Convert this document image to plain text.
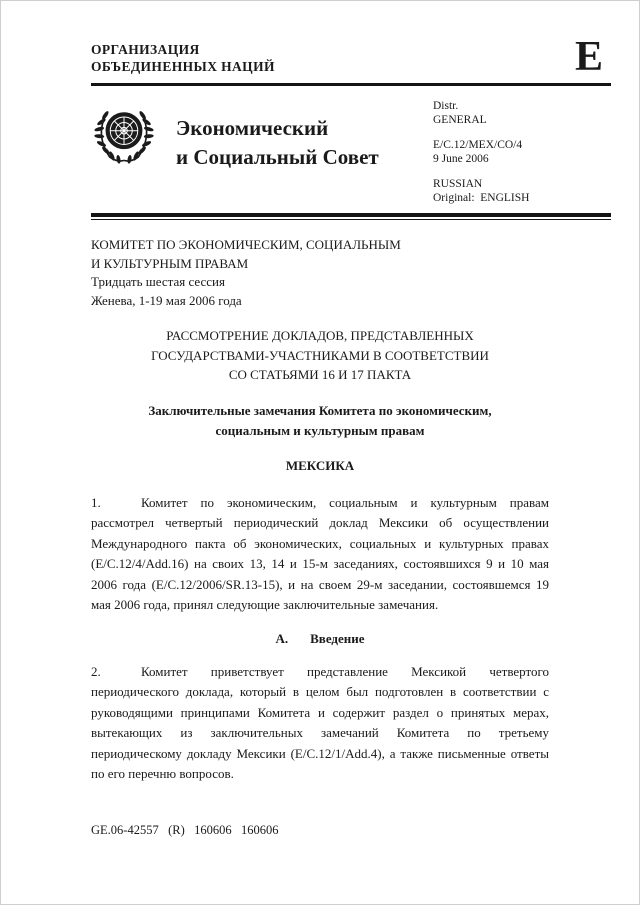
ОРГАНИЗАЦИЯ
ОБЪЕДИНЕННЫХ НАЦИЙ	E
Экономический
и Социальный Совет
Distr.
GENERAL
E/C.12/MEX/CO/4
9 June 2006
RUSSIAN
Original:  ENGLISH
КОМИТЕТ ПО ЭКОНОМИЧЕСКИМ, СОЦИАЛЬНЫМ
И КУЛЬТУРНЫМ ПРАВАМ
Тридцать шестая сессия
Женева, 1-19 мая 2006 года
РАССМОТРЕНИЕ ДОКЛАДОВ, ПРЕДСТАВЛЕННЫХ
ГОСУДАРСТВАМИ-УЧАСТНИКАМИ В СООТВЕТСТВИИ
СО СТАТЬЯМИ 16 И 17 ПАКТА
Заключительные замечания Комитета по экономическим,
социальным и культурным правам
МЕКСИКА

1.	Комитет по экономическим, социальным и культурным правам рассмотрел четвертый периодический доклад Мексики об осуществлении Международного пакта об экономических, социальных и культурных правах (E/C.12/4/Add.16) на своих 13, 14 и 15-м заседаниях, состоявшихся 9 и 10 мая 2006 года (E/C.12/2006/SR.13-15), и на своем 29-м заседании, состоявшемся 19 мая 2006 года, принял следующие заключительные замечания.

A. Введение

2.	Комитет приветствует представление Мексикой четвертого периодического доклада, который в целом был подготовлен в соответствии с руководящими принципами Комитета и содержит раздел о принятых мерах, вытекающих из заключительных замечаний Комитета по третьему периодическому докладу Мексики (E/C.12/1/Add.4), а также письменные ответы по его перечню вопросов.

GE.06-42557   (R)   160606   160606
